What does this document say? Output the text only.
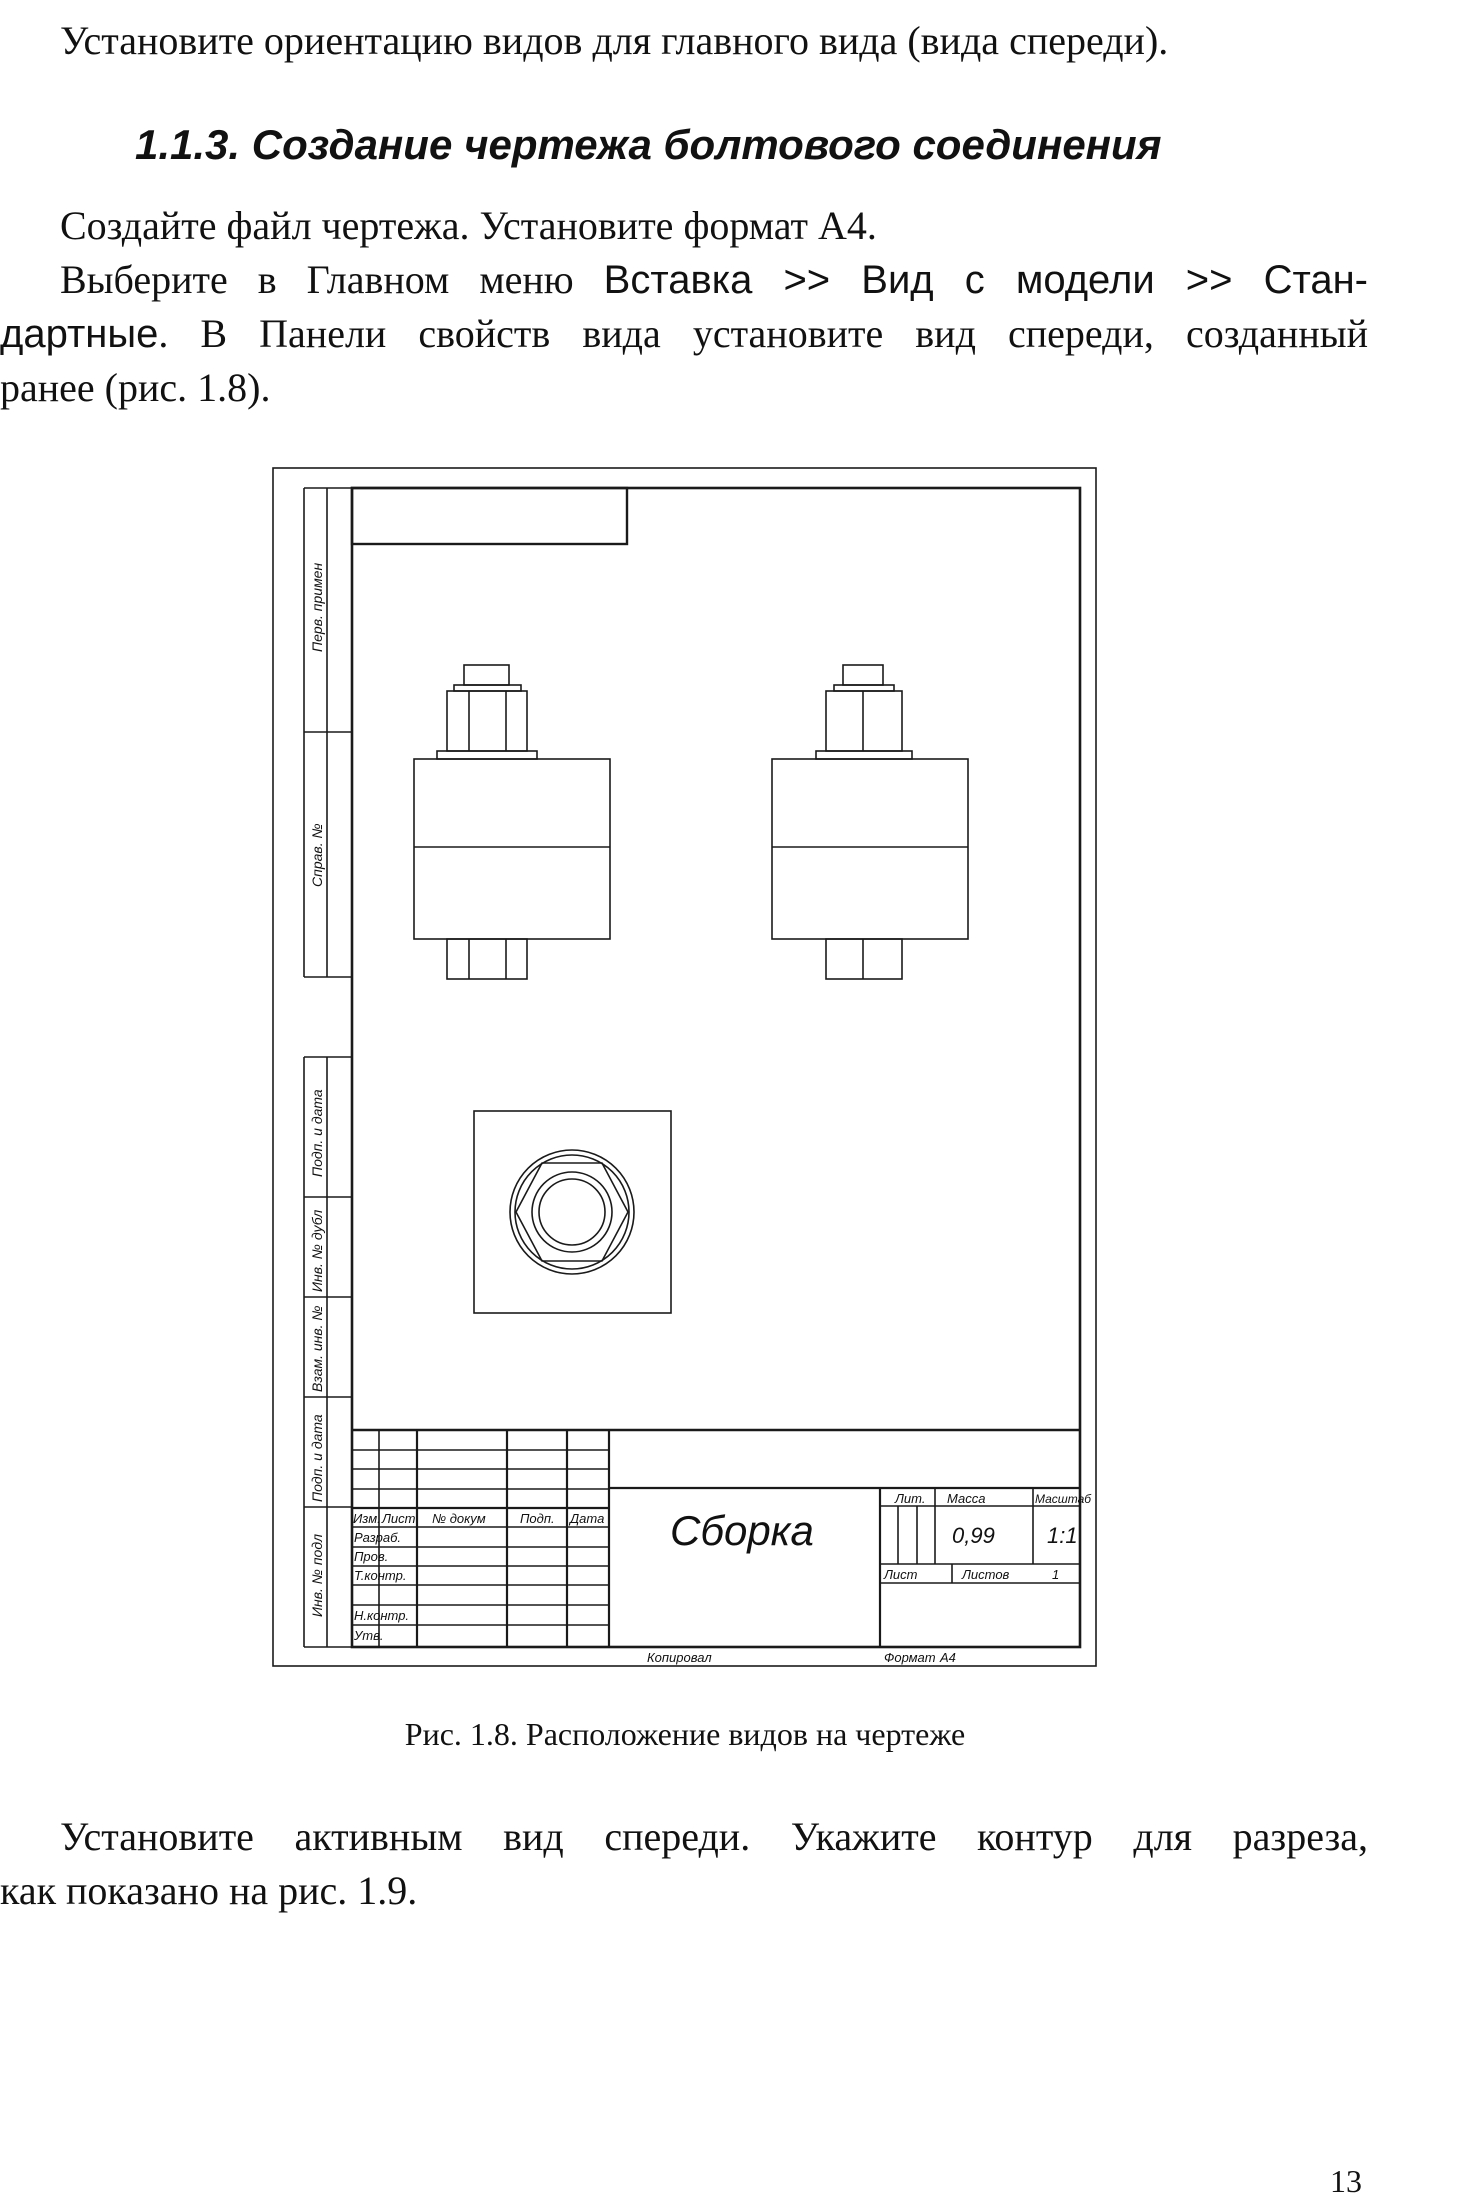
Установите ориентацию видов для главного вида (вида спереди).

1.1.3. Создание чертежа болтового соединения

Создайте файл чертежа. Установите формат А4.

Выберите в Главном меню Вставка >> Вид с модели >> Стан-

дартные. В Панели свойств вида установите вид спереди, созданный

ранее (рис. 1.8).

Перв. примен
Справ. №
Подп. и дата
Инв. № дубл
Взам. инв. №
Подп. и дата
Инв. № подл
Изм. Лист № докум	Подп. Дата
Разраб.
Пров.
Т.контр.
Н.контр.
Утв.
Сборка
Лит. Масса	Масштаб
0,99 1:1
Лист	Листов	1
Копировал	Формат А4
Рис. 1.8. Расположение видов на чертеже

Установите активным вид спереди. Укажите контур для разреза,

как показано на рис. 1.9.

13
